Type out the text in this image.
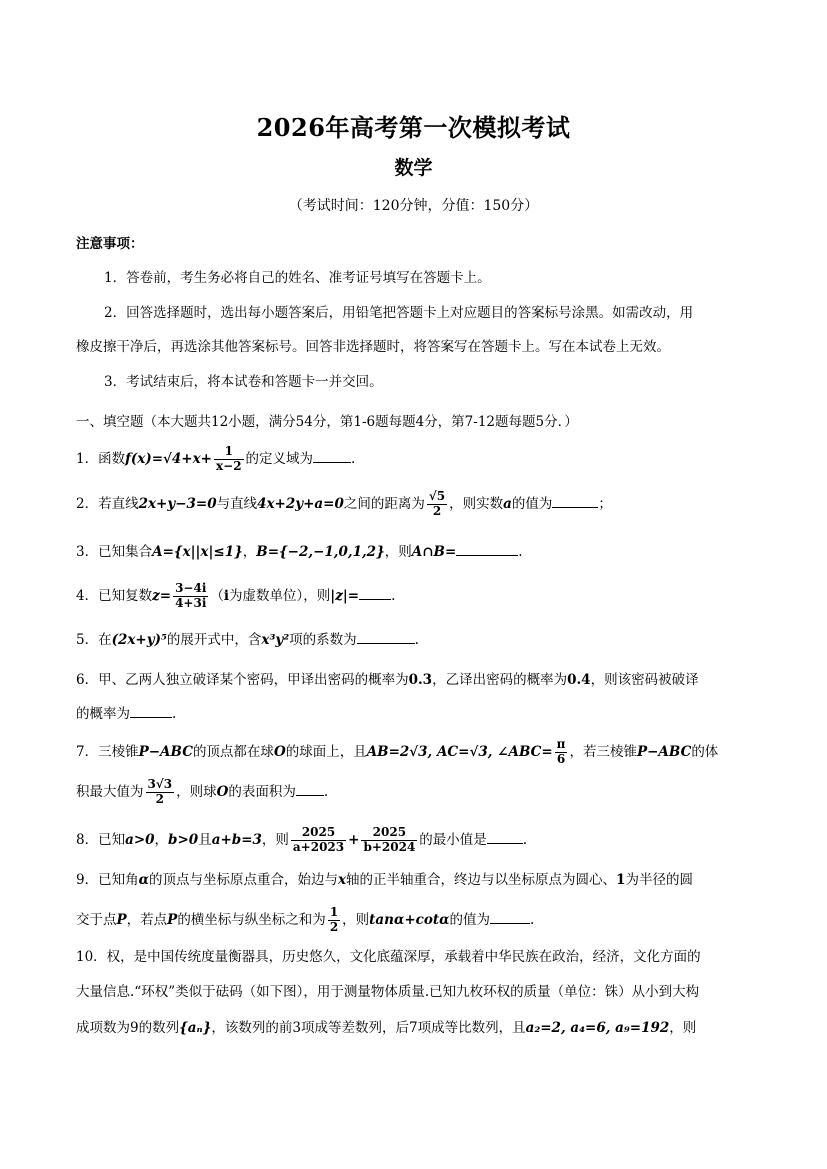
2026年高考第一次模拟考试
数学
（考试时间：120分钟，分值：150分）
注意事项：
1．答卷前，考生务必将自己的姓名、准考证号填写在答题卡上。
2．回答选择题时，选出每小题答案后，用铅笔把答题卡上对应题目的答案标号涂黑。如需改动，用
橡皮擦干净后，再选涂其他答案标号。回答非选择题时，将答案写在答题卡上。写在本试卷上无效。
3．考试结束后，将本试卷和答题卡一并交回。
一、填空题（本大题共12小题，满分54分，第1-6题每题4分，第7-12题每题5分．）
1．函数$f(x)=√4+x+ \frac{1}{x-2}$ 的定义域为	.
2．若直线2x+y−3=0与直线4x+2y+a=0之间的距离为 $\frac{√5}{2}$ ，则实数a的值为	；
3．已知集合A={x||x|≤1}，B={−2,−1,0,1,2}，则A∩B=	.
4．已知复数$z= \frac{3-4i}{4+3i} (i$为虚数单位），则|z|= .
5．在(2x+y)⁵的展开式中，含x³y²项的系数为	.
6．甲、乙两人独立破译某个密码，甲译出密码的概率为0.3，乙译出密码的概率为0.4，则该密码被破译
的概率为	.
7．三棱锥P−ABC的顶点都在球O的球面上，且AB=2√3, AC=√3, ∠ABC= $\frac{\pi}{6}$ ，若三棱锥P−ABC的体
积最大值为 $\frac{3√3}{2}$ ，则球O的表面积为 .
8．已知a>0，b>0且a+b=3，则 $\frac{2025}{a+2023} + \frac{2025}{b+2024}$ 的最小值是	.
9．已知角α的顶点与坐标原点重合，始边与x轴的正半轴重合，终边与以坐标原点为圆心、1为半径的圆
交于点P，若点P的横坐标与纵坐标之和为 $\frac{1}{2}$ ，则tanα+cotα的值为	.
10．权，是中国传统度量衡器具，历史悠久，文化底蕴深厚，承载着中华民族在政治，经济，文化方面的
大量信息.“环权”类似于砝码（如下图），用于测量物体质量.已知九枚环权的质量（单位：铢）从小到大构
成项数为9的数列{aₙ}，该数列的前3项成等差数列，后7项成等比数列，且a₂=2, a₄=6, a₉=192，则
